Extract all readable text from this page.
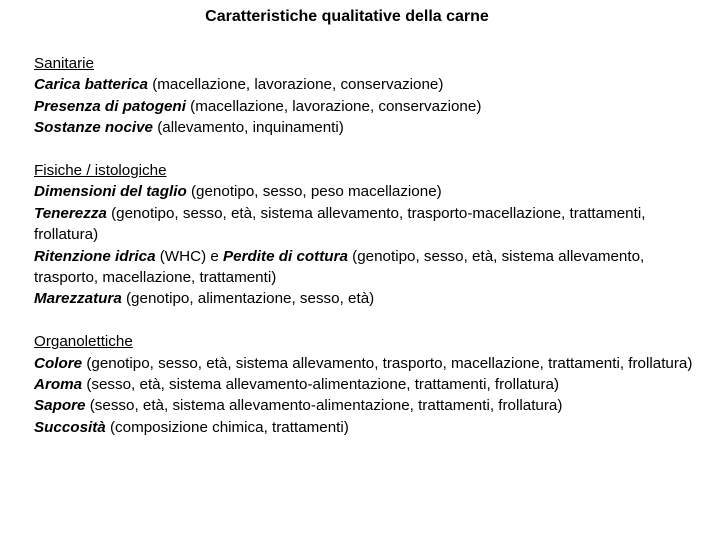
Caratteristiche qualitative della carne
Sanitarie
Carica batterica (macellazione, lavorazione, conservazione)
Presenza di patogeni (macellazione, lavorazione, conservazione)
Sostanze nocive (allevamento, inquinamenti)
Fisiche / istologiche
Dimensioni del taglio (genotipo, sesso, peso macellazione)
Tenerezza (genotipo, sesso, età, sistema allevamento, trasporto-macellazione, trattamenti, frollatura)
Ritenzione idrica (WHC) e Perdite di cottura (genotipo, sesso, età, sistema allevamento, trasporto, macellazione, trattamenti)
Marezzatura (genotipo, alimentazione, sesso, età)
Organolettiche
Colore (genotipo, sesso, età, sistema allevamento, trasporto, macellazione, trattamenti, frollatura)
Aroma (sesso, età, sistema allevamento-alimentazione, trattamenti, frollatura)
Sapore (sesso, età, sistema allevamento-alimentazione, trattamenti, frollatura)
Succosità (composizione chimica, trattamenti)
